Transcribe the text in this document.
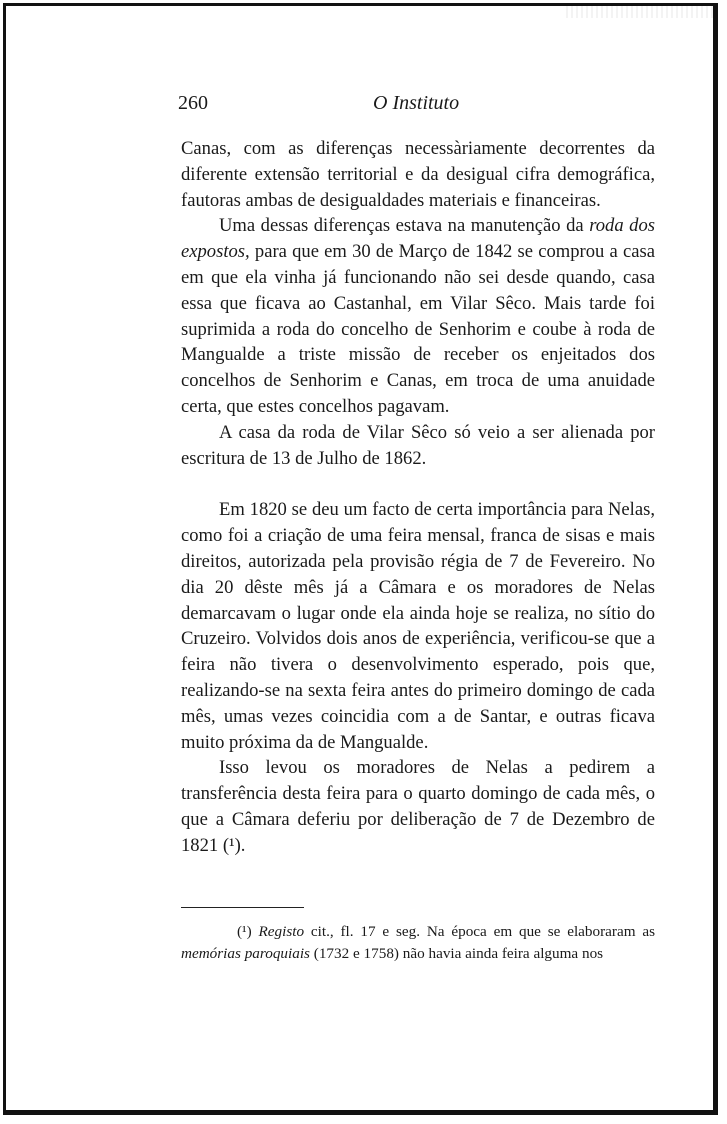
260	O Instituto

Canas, com as diferenças necessàriamente decorrentes da diferente extensão territorial e da desigual cifra demográfica, fautoras ambas de desigualdades materiais e financeiras.

Uma dessas diferenças estava na manutenção da roda dos expostos, para que em 30 de Março de 1842 se comprou a casa em que ela vinha já funcionando não sei desde quando, casa essa que ficava ao Castanhal, em Vilar Sêco. Mais tarde foi suprimida a roda do concelho de Senhorim e coube à roda de Mangualde a triste missão de receber os enjeitados dos concelhos de Senhorim e Canas, em troca de uma anuidade certa, que estes concelhos pagavam.

A casa da roda de Vilar Sêco só veio a ser alienada por escritura de 13 de Julho de 1862.

Em 1820 se deu um facto de certa importância para Nelas, como foi a criação de uma feira mensal, franca de sisas e mais direitos, autorizada pela provisão régia de 7 de Fevereiro. No dia 20 dêste mês já a Câmara e os moradores de Nelas demarcavam o lugar onde ela ainda hoje se realiza, no sítio do Cruzeiro. Volvidos dois anos de experiência, verificou-se que a feira não tivera o desenvolvimento esperado, pois que, realizando-se na sexta feira antes do primeiro domingo de cada mês, umas vezes coincidia com a de Santar, e outras ficava muito próxima da de Mangualde.

Isso levou os moradores de Nelas a pedirem a transferência desta feira para o quarto domingo de cada mês, o que a Câmara deferiu por deliberação de 7 de Dezembro de 1821 (¹).

(¹) Registo cit., fl. 17 e seg. Na época em que se elaboraram as memórias paroquiais (1732 e 1758) não havia ainda feira alguma nos
